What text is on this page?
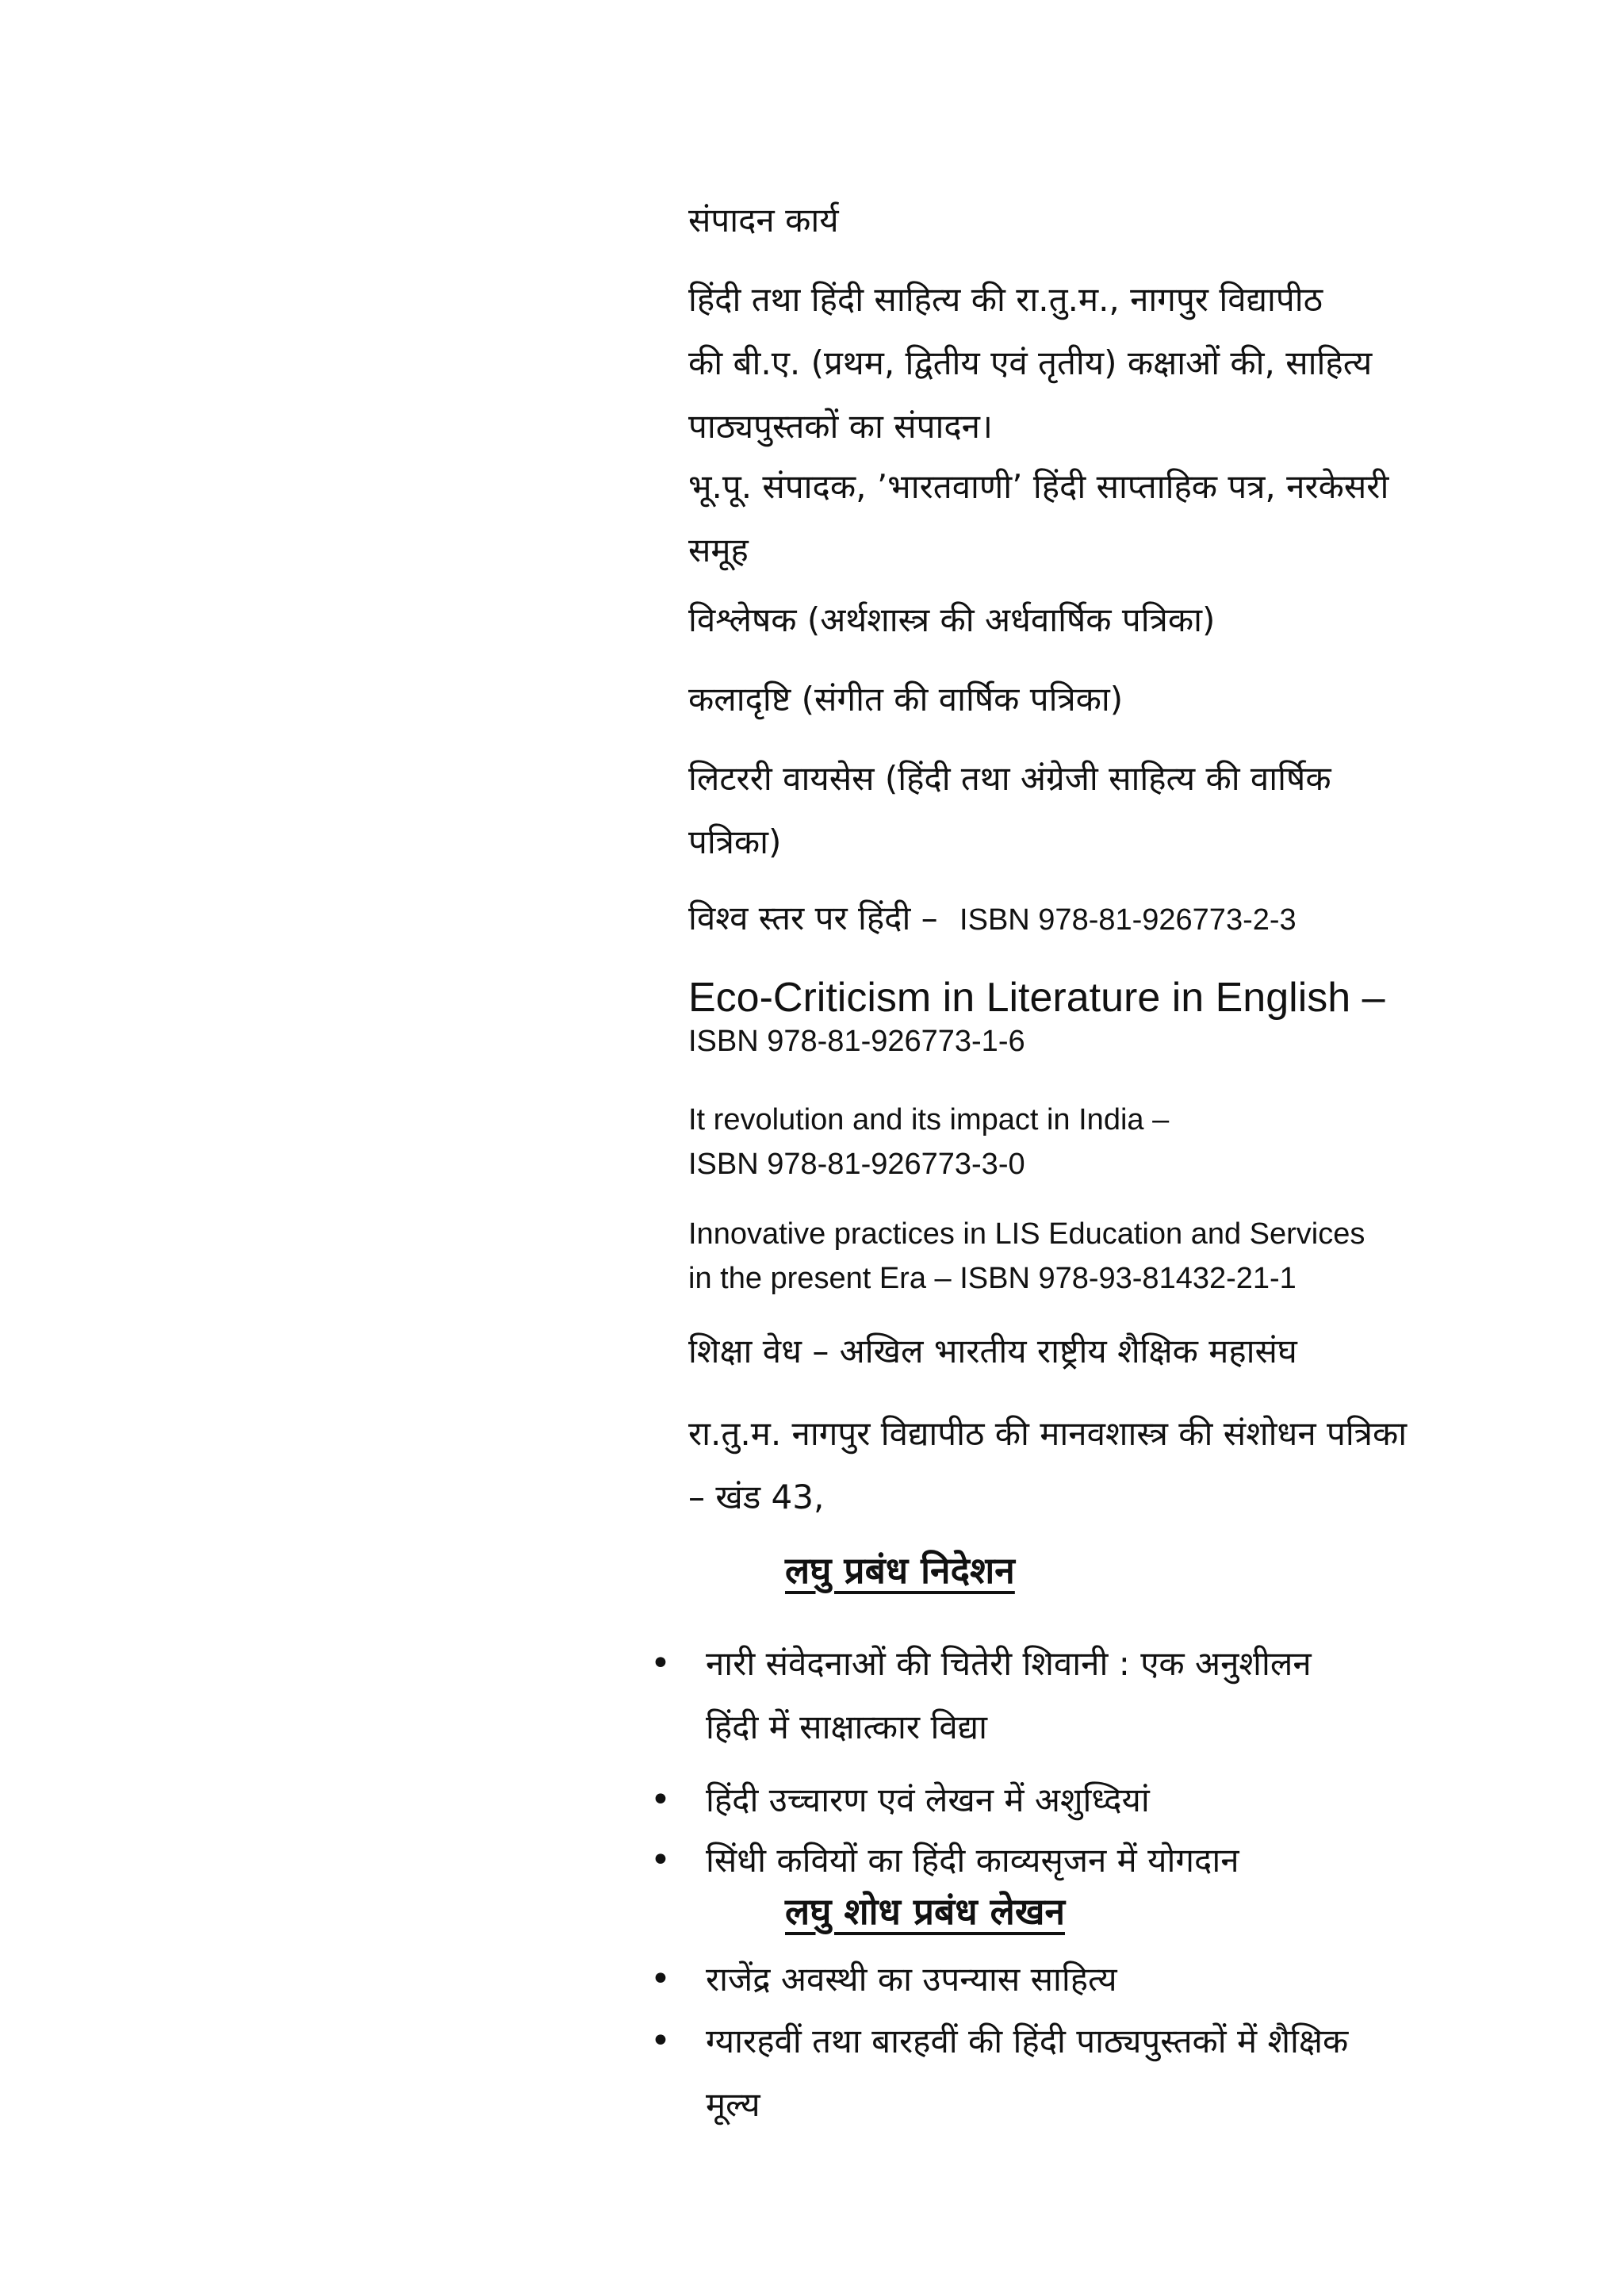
संपादन कार्य

हिंदी तथा हिंदी साहित्य की रा.तु.म., नागपुर विद्यापीठ
की बी.ए. (प्रथम, द्वितीय एवं तृतीय) कक्षाओं की, साहित्य
पाठ्यपुस्तकों का संपादन।

भू.पू. संपादक, ’भारतवाणी’ हिंदी साप्ताहिक पत्र, नरकेसरी
समूह

विश्लेषक (अर्थशास्त्र की अर्धवार्षिक पत्रिका)

कलादृष्टि (संगीत की वार्षिक पत्रिका)

लिटररी वायसेस (हिंदी तथा अंग्रेजी साहित्य की वार्षिक
पत्रिका)

विश्व स्तर पर हिंदी – ISBN 978-81-926773-2-3

Eco-Criticism in Literature in English –
ISBN 978-81-926773-1-6
It revolution and its impact in India –
ISBN 978-81-926773-3-0
Innovative practices in LIS Education and Services
in the present Era – ISBN 978-93-81432-21-1

शिक्षा वेध – अखिल भारतीय राष्ट्रीय शैक्षिक महासंघ

रा.तु.म. नागपुर विद्यापीठ की मानवशास्त्र की संशोधन पत्रिका
– खंड 43,

लघु प्रबंध निदेशन
•	नारी संवेदनाओं की चितेरी शिवानी : एक अनुशीलन
हिंदी में साक्षात्कार विद्या
•	हिंदी उच्चारण एवं लेखन में अशुध्दियां
•	सिंधी कवियों का हिंदी काव्यसृजन में योगदान
लघु शोध प्रबंध लेखन
•	राजेंद्र अवस्थी का उपन्यास साहित्य
•	ग्यारहवीं तथा बारहवीं की हिंदी पाठ्यपुस्तकों में शैक्षिक
मूल्य
